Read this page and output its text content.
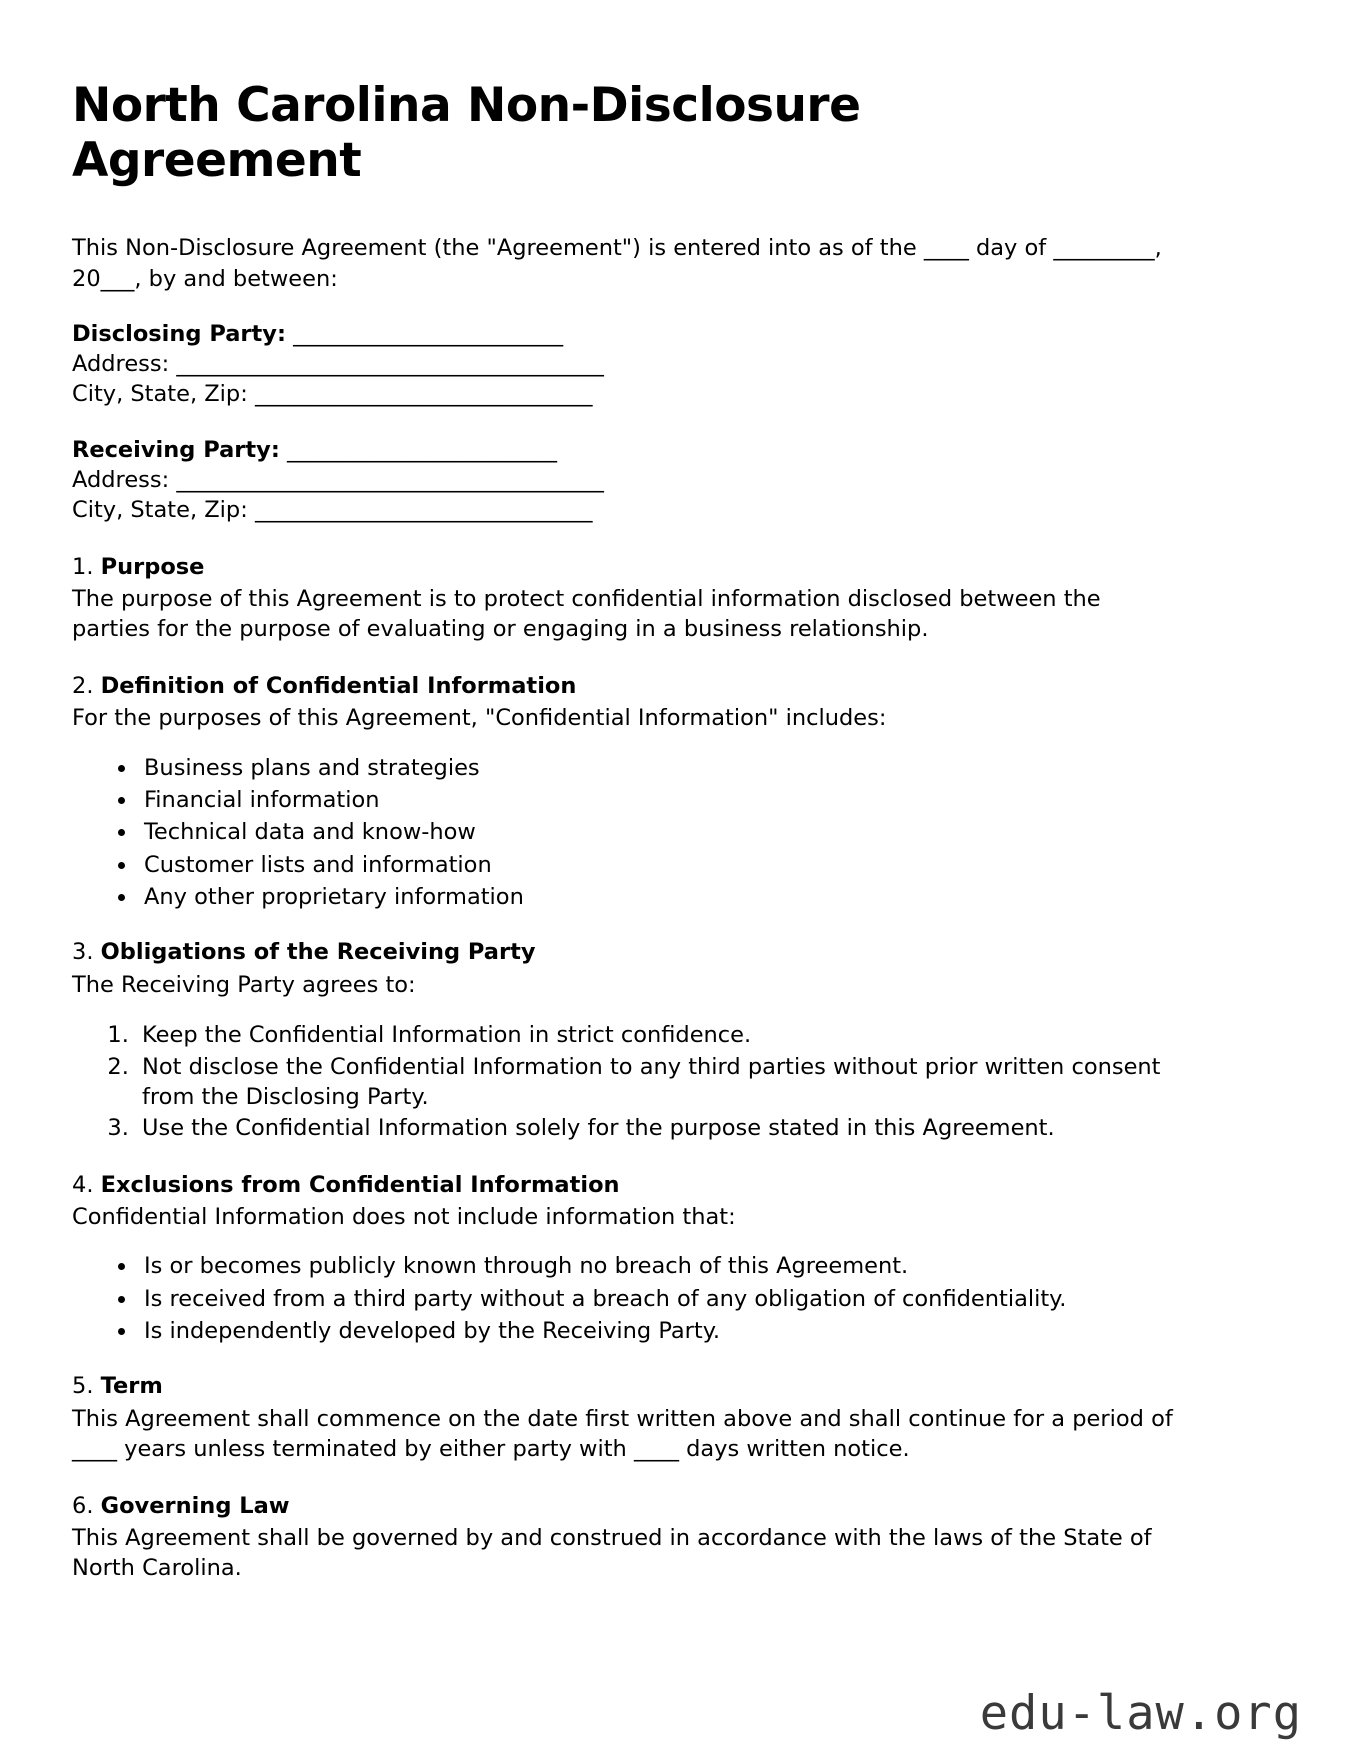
North Carolina Non-Disclosure Agreement

This Non-Disclosure Agreement (the "Agreement") is entered into as of the ____ day of _________, 20___, by and between:

Disclosing Party: ________________________
Address: ______________________________________
City, State, Zip: ______________________________
Receiving Party: ________________________
Address: ______________________________________
City, State, Zip: ______________________________
1. Purpose

The purpose of this Agreement is to protect confidential information disclosed between the parties for the purpose of evaluating or engaging in a business relationship.

2. Definition of Confidential Information

For the purposes of this Agreement, "Confidential Information" includes:

• Business plans and strategies
• Financial information
• Technical data and know-how
• Customer lists and information
• Any other proprietary information
3. Obligations of the Receiving Party

The Receiving Party agrees to:

1. Keep the Confidential Information in strict confidence.
2. Not disclose the Confidential Information to any third parties without prior written consent from the Disclosing Party.
3. Use the Confidential Information solely for the purpose stated in this Agreement.
4. Exclusions from Confidential Information

Confidential Information does not include information that:

• Is or becomes publicly known through no breach of this Agreement.
• Is received from a third party without a breach of any obligation of confidentiality.
• Is independently developed by the Receiving Party.
5. Term

This Agreement shall commence on the date first written above and shall continue for a period of ____ years unless terminated by either party with ____ days written notice.

6. Governing Law

This Agreement shall be governed by and construed in accordance with the laws of the State of North Carolina.

edu-law.org
